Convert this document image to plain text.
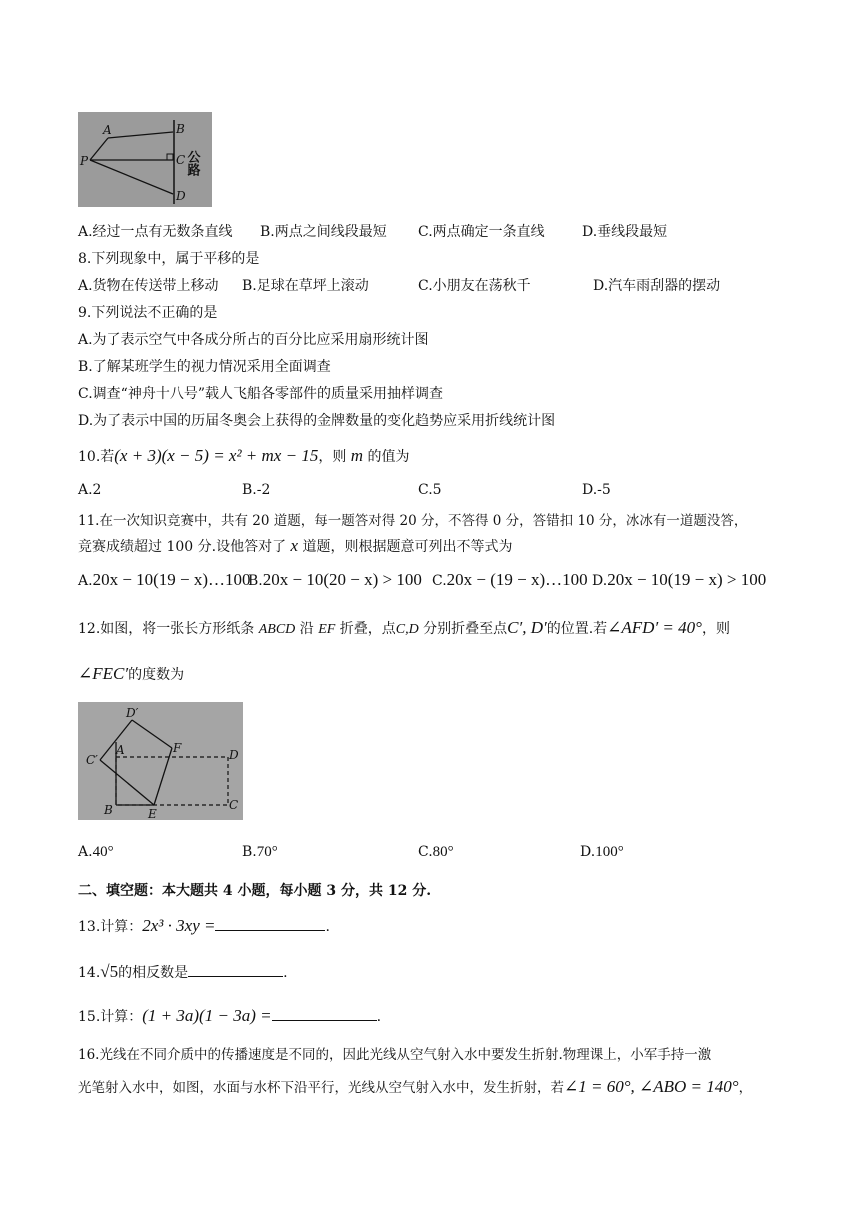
A	B
P	C
D
公路
A.经过一点有无数条直线 B.两点之间线段最短 C.两点确定一条直线	D.垂线段最短
8.下列现象中，属于平移的是
A.货物在传送带上移动 B.足球在草坪上滚动	C.小朋友在荡秋千	D.汽车雨刮器的摆动
9.下列说法不正确的是
A.为了表示空气中各成分所占的百分比应采用扇形统计图
B.了解某班学生的视力情况采用全面调查
C.调查“神舟十八号”载人飞船各零部件的质量采用抽样调查
D.为了表示中国的历届冬奥会上获得的金牌数量的变化趋势应采用折线统计图
10.若(x + 3)(x − 5) = x² + mx − 15，则 m 的值为
A.2	B.-2	C.5	D.-5
11.在一次知识竞赛中，共有 20 道题，每一题答对得 20 分，不答得 0 分，答错扣 10 分，冰冰有一道题没答，
竞赛成绩超过 100 分.设他答对了 x 道题，则根据题意可列出不等式为
A.20x − 10(19 − x)…100
B.20x − 10(20 − x) > 100 C.20x − (19 − x)…100 D.20x − 10(19 − x) > 100
12.如图，将一张长方形纸条 ABCD 沿 EF 折叠，点C,D 分别折叠至点C′, D′的位置.若∠AFD′ = 40°，则
∠FEC′的度数为
D′
C′
A	F	D
B	E
C
A.40°	B.70°	C.80°	D.100°
二、填空题：本大题共 4 小题，每小题 3 分，共 12 分.
13.计算：2x³ · 3xy =	.
14.√5的相反数是	.
15.计算：(1 + 3a)(1 − 3a) =	.
16.光线在不同介质中的传播速度是不同的，因此光线从空气射入水中要发生折射.物理课上，小军手持一激
光笔射入水中，如图，水面与水杯下沿平行，光线从空气射入水中，发生折射，若∠1 = 60°, ∠ABO = 140°，
